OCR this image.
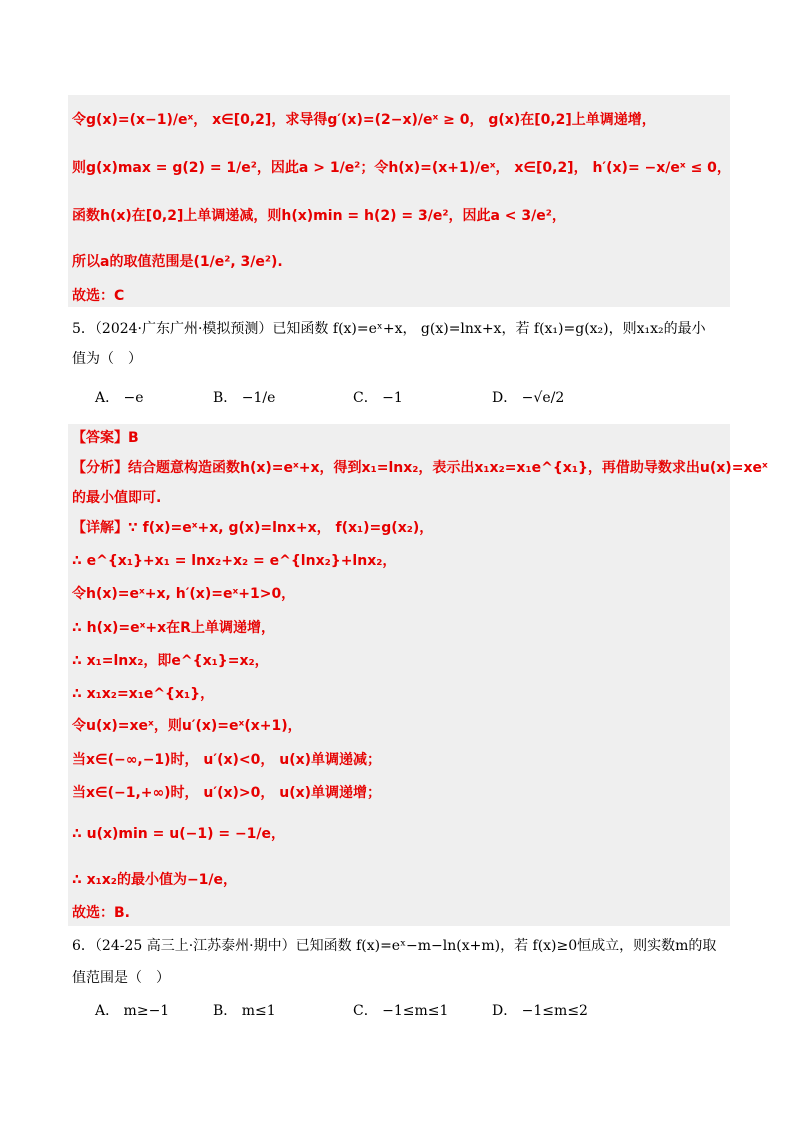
令g(x)=(x−1)/eˣ， x∈[0,2]，求导得g′(x)=(2−x)/eˣ ≥ 0， g(x)在[0,2]上单调递增，
则g(x)max = g(2) = 1/e²，因此a > 1/e²；令h(x)=(x+1)/eˣ， x∈[0,2]， h′(x)= −x/eˣ ≤ 0，
函数h(x)在[0,2]上单调递减，则h(x)min = h(2) = 3/e²，因此a < 3/e²，
所以a的取值范围是(1/e², 3/e²).
故选：C
5．（2024·广东广州·模拟预测）已知函数 f(x)=eˣ+x， g(x)=lnx+x，若 f(x₁)=g(x₂)，则x₁x₂的最小
值为（　）
A． −e	B． −1/e	C． −1	D． −√e/2
【答案】B
【分析】结合题意构造函数h(x)=eˣ+x，得到x₁=lnx₂，表示出x₁x₂=x₁e^{x₁}，再借助导数求出u(x)=xeˣ
的最小值即可.
【详解】∵ f(x)=eˣ+x, g(x)=lnx+x， f(x₁)=g(x₂)，
∴ e^{x₁}+x₁ = lnx₂+x₂ = e^{lnx₂}+lnx₂，
令h(x)=eˣ+x, h′(x)=eˣ+1>0，
∴ h(x)=eˣ+x在R上单调递增，
∴ x₁=lnx₂，即e^{x₁}=x₂，
∴ x₁x₂=x₁e^{x₁}，
令u(x)=xeˣ，则u′(x)=eˣ(x+1)，
当x∈(−∞,−1)时， u′(x)<0， u(x)单调递减；
当x∈(−1,+∞)时， u′(x)>0， u(x)单调递增；
∴ u(x)min = u(−1) = −1/e，
∴ x₁x₂的最小值为−1/e，
故选：B.
6．（24-25 高三上·江苏泰州·期中）已知函数 f(x)=eˣ−m−ln(x+m)，若 f(x)≥0恒成立，则实数m的取
值范围是（　）
A． m≥−1	B． m≤1	C． −1≤m≤1	D． −1≤m≤2
